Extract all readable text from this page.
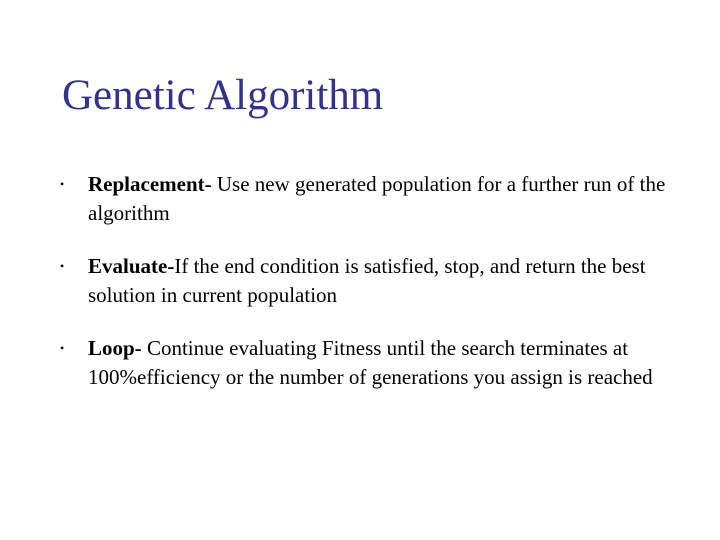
Genetic Algorithm
• Replacement- Use new generated population for a further run of the algorithm
• Evaluate-If the end condition is satisfied, stop, and return the best solution in current population
• Loop- Continue evaluating Fitness until the search terminates at 100%efficiency or the number of generations you assign is reached
